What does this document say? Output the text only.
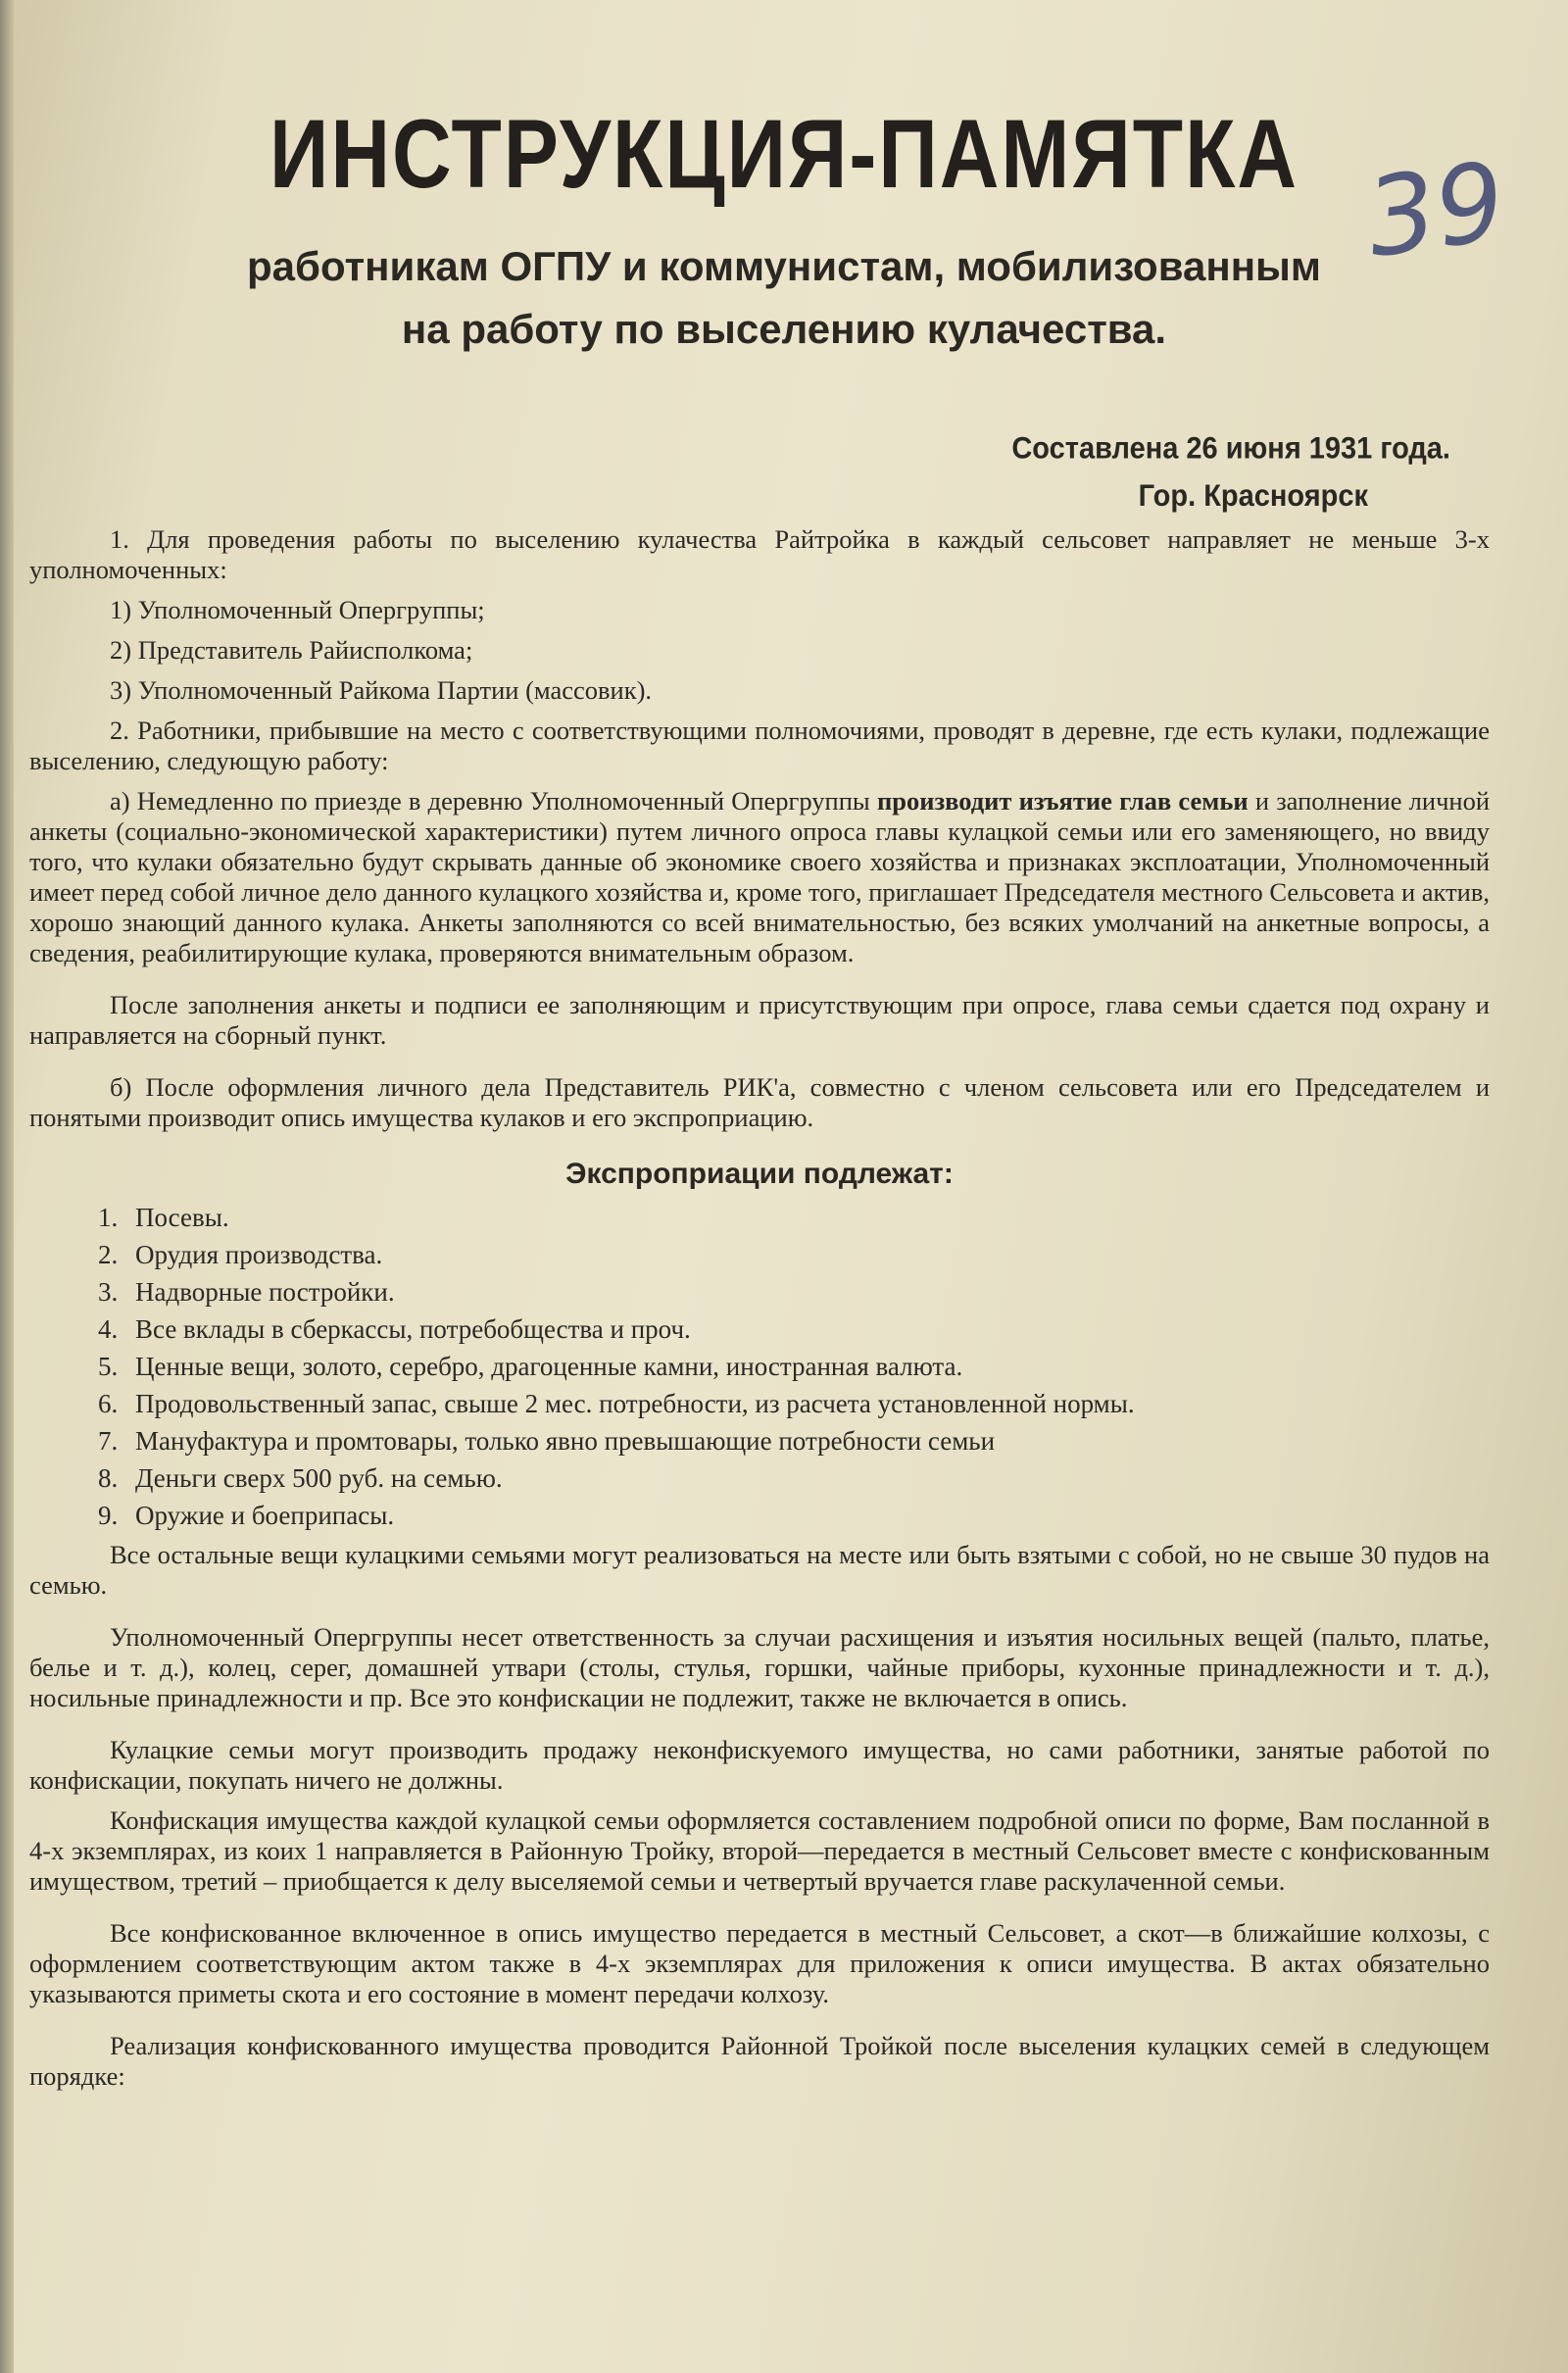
39
ИНСТРУКЦИЯ-ПАМЯТКА
работникам ОГПУ и коммунистам, мобилизованным
на работу по выселению кулачества.
Составлена 26 июня 1931 года.
Гор. Красноярск

1. Для проведения работы по выселению кулачества Райтройка в каждый сельсовет направляет не меньше 3-х уполномоченных:

1) Уполномоченный Опергруппы;

2) Представитель Райисполкома;

3) Уполномоченный Райкома Партии (массовик).

2. Работники, прибывшие на место с соответствующими полномочиями, проводят в деревне, где есть кулаки, подлежащие выселению, следующую работу:

а) Немедленно по приезде в деревню Уполномоченный Опергруппы производит изъятие глав семьи и заполнение личной анкеты (социально-экономической характеристики) путем личного опроса главы кулацкой семьи или его заменяющего, но ввиду того, что кулаки обязательно будут скрывать данные об экономике своего хозяйства и признаках эксплоатации, Уполномоченный имеет перед собой личное дело данного кулацкого хозяйства и, кроме того, приглашает Председателя местного Сельсовета и актив, хорошо знающий данного кулака. Анкеты заполняются со всей внимательностью, без всяких умолчаний на анкетные вопросы, а сведения, реабилитирующие кулака, проверяются внимательным образом.

После заполнения анкеты и подписи ее заполняющим и присутствующим при опросе, глава семьи сдается под охрану и направляется на сборный пункт.

б) После оформления личного дела Представитель РИК'а, совместно с членом сельсовета или его Председателем и понятыми производит опись имущества кулаков и его экспроприацию.

Экспроприации подлежат:

1. Посевы.
2. Орудия производства.
3. Надворные постройки.
4. Все вклады в сберкассы, потребобщества и проч.
5. Ценные вещи, золото, серебро, драгоценные камни, иностранная валюта.
6. Продовольственный запас, свыше 2 мес. потребности, из расчета установленной нормы.
7. Мануфактура и промтовары, только явно превышающие потребности семьи
8. Деньги сверх 500 руб. на семью.
9. Оружие и боеприпасы.

Все остальные вещи кулацкими семьями могут реализоваться на месте или быть взятыми с собой, но не свыше 30 пудов на семью.

Уполномоченный Опергруппы несет ответственность за случаи расхищения и изъятия носильных вещей (пальто, платье, белье и т. д.), колец, серег, домашней утвари (столы, стулья, горшки, чайные приборы, кухонные принадлежности и т. д.), носильные принадлежности и пр. Все это конфискации не подлежит, также не включается в опись.

Кулацкие семьи могут производить продажу неконфискуемого имущества, но сами работники, занятые работой по конфискации, покупать ничего не должны.

Конфискация имущества каждой кулацкой семьи оформляется составлением подробной описи по форме, Вам посланной в 4-х экземплярах, из коих 1 направляется в Районную Тройку, второй—передается в местный Сельсовет вместе с конфискованным имуществом, третий – приобщается к делу выселяемой семьи и четвертый вручается главе раскулаченной семьи.

Все конфискованное включенное в опись имущество передается в местный Сельсовет, а скот—в ближайшие колхозы, с оформлением соответствующим актом также в 4-х экземплярах для приложения к описи имущества. В актах обязательно указываются приметы скота и его состояние в момент передачи колхозу.

Реализация конфискованного имущества проводится Районной Тройкой после выселения кулацких семей в следующем порядке:
